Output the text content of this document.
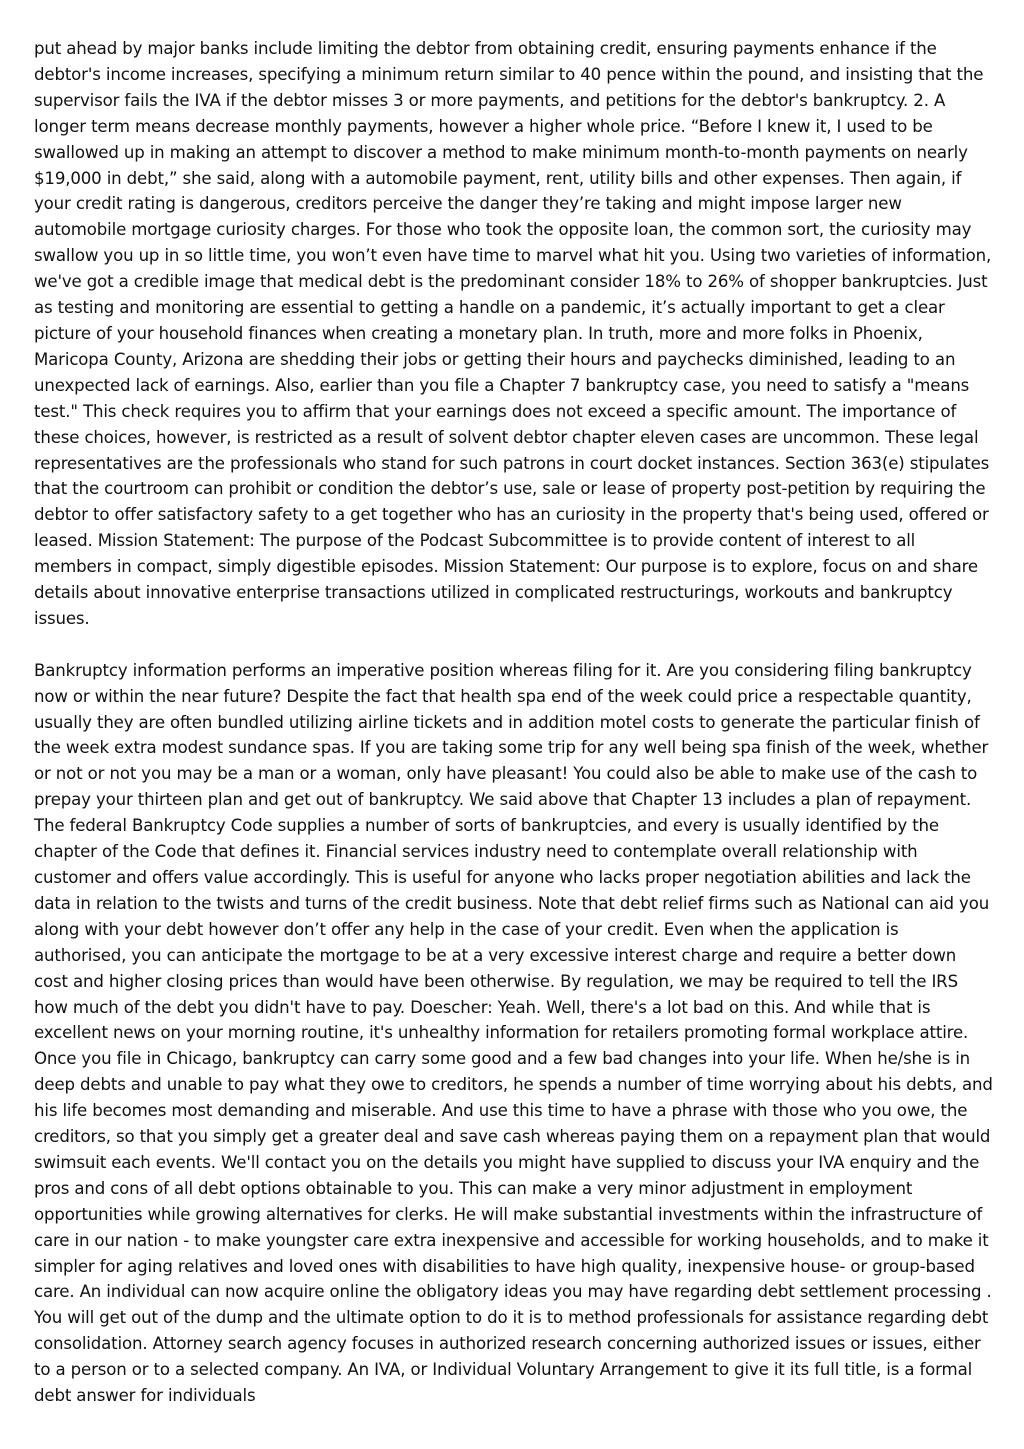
put ahead by major banks include limiting the debtor from obtaining credit, ensuring payments enhance if the debtor's income increases, specifying a minimum return similar to 40 pence within the pound, and insisting that the supervisor fails the IVA if the debtor misses 3 or more payments, and petitions for the debtor's bankruptcy. 2. A longer term means decrease monthly payments, however a higher whole price. “Before I knew it, I used to be swallowed up in making an attempt to discover a method to make minimum month-to-month payments on nearly $19,000 in debt,” she said, along with a automobile payment, rent, utility bills and other expenses. Then again, if your credit rating is dangerous, creditors perceive the danger they’re taking and might impose larger new automobile mortgage curiosity charges. For those who took the opposite loan, the common sort, the curiosity may swallow you up in so little time, you won’t even have time to marvel what hit you. Using two varieties of information, we've got a credible image that medical debt is the predominant consider 18% to 26% of shopper bankruptcies. Just as testing and monitoring are essential to getting a handle on a pandemic, it’s actually important to get a clear picture of your household finances when creating a monetary plan. In truth, more and more folks in Phoenix, Maricopa County, Arizona are shedding their jobs or getting their hours and paychecks diminished, leading to an unexpected lack of earnings. Also, earlier than you file a Chapter 7 bankruptcy case, you need to satisfy a "means test." This check requires you to affirm that your earnings does not exceed a specific amount. The importance of these choices, however, is restricted as a result of solvent debtor chapter eleven cases are uncommon. These legal representatives are the professionals who stand for such patrons in court docket instances. Section 363(e) stipulates that the courtroom can prohibit or condition the debtor’s use, sale or lease of property post-petition by requiring the debtor to offer satisfactory safety to a get together who has an curiosity in the property that's being used, offered or leased. Mission Statement: The purpose of the Podcast Subcommittee is to provide content of interest to all members in compact, simply digestible episodes. Mission Statement: Our purpose is to explore, focus on and share details about innovative enterprise transactions utilized in complicated restructurings, workouts and bankruptcy issues.

Bankruptcy information performs an imperative position whereas filing for it. Are you considering filing bankruptcy now or within the near future? Despite the fact that health spa end of the week could price a respectable quantity, usually they are often bundled utilizing airline tickets and in addition motel costs to generate the particular finish of the week extra modest sundance spas. If you are taking some trip for any well being spa finish of the week, whether or not or not you may be a man or a woman, only have pleasant! You could also be able to make use of the cash to prepay your thirteen plan and get out of bankruptcy. We said above that Chapter 13 includes a plan of repayment. The federal Bankruptcy Code supplies a number of sorts of bankruptcies, and every is usually identified by the chapter of the Code that defines it. Financial services industry need to contemplate overall relationship with customer and offers value accordingly. This is useful for anyone who lacks proper negotiation abilities and lack the data in relation to the twists and turns of the credit business. Note that debt relief firms such as National can aid you along with your debt however don’t offer any help in the case of your credit. Even when the application is authorised, you can anticipate the mortgage to be at a very excessive interest charge and require a better down cost and higher closing prices than would have been otherwise. By regulation, we may be required to tell the IRS how much of the debt you didn't have to pay. Doescher: Yeah. Well, there's a lot bad on this. And while that is excellent news on your morning routine, it's unhealthy information for retailers promoting formal workplace attire. Once you file in Chicago, bankruptcy can carry some good and a few bad changes into your life. When he/she is in deep debts and unable to pay what they owe to creditors, he spends a number of time worrying about his debts, and his life becomes most demanding and miserable. And use this time to have a phrase with those who you owe, the creditors, so that you simply get a greater deal and save cash whereas paying them on a repayment plan that would swimsuit each events. We'll contact you on the details you might have supplied to discuss your IVA enquiry and the pros and cons of all debt options obtainable to you. This can make a very minor adjustment in employment opportunities while growing alternatives for clerks. He will make substantial investments within the infrastructure of care in our nation - to make youngster care extra inexpensive and accessible for working households, and to make it simpler for aging relatives and loved ones with disabilities to have high quality, inexpensive house- or group-based care. An individual can now acquire online the obligatory ideas you may have regarding debt settlement processing . You will get out of the dump and the ultimate option to do it is to method professionals for assistance regarding debt consolidation. Attorney search agency focuses in authorized research concerning authorized issues or issues, either to a person or to a selected company. An IVA, or Individual Voluntary Arrangement to give it its full title, is a formal debt answer for individuals
